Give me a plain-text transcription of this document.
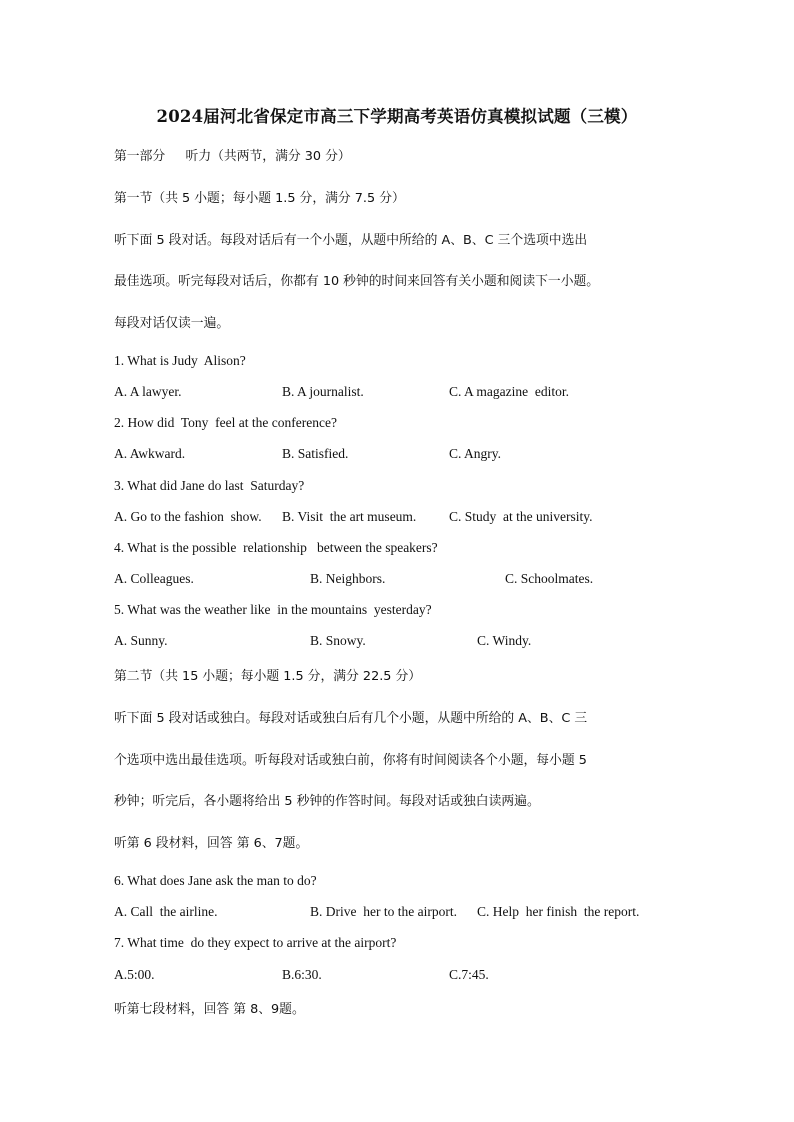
2024届河北省保定市高三下学期高考英语仿真模拟试题（三模）
第一部分     听力（共两节，满分 30 分）
第一节（共 5 小题；每小题 1.5 分，满分 7.5 分）
听下面 5 段对话。每段对话后有一个小题，从题中所给的 A、B、C 三个选项中选出
最佳选项。听完每段对话后，你都有 10 秒钟的时间来回答有关小题和阅读下一小题。
每段对话仅读一遍。
1. What is Judy  Alison?
A. A lawyer.	B. A journalist.	C. A magazine  editor.
2. How did  Tony  feel at the conference?
A. Awkward.	B. Satisfied.	C. Angry.
3. What did Jane do last  Saturday?
A. Go to the fashion  show. B. Visit  the art museum. C. Study  at the university.
4. What is the possible  relationship   between the speakers?
A. Colleagues.	B. Neighbors.	C. Schoolmates.
5. What was the weather like  in the mountains  yesterday?
A. Sunny.	B. Snowy.	C. Windy.
第二节（共 15 小题；每小题 1.5 分，满分 22.5 分）
听下面 5 段对话或独白。每段对话或独白后有几个小题，从题中所给的 A、B、C 三
个选项中选出最佳选项。听每段对话或独白前，你将有时间阅读各个小题，每小题 5
秒钟；听完后，各小题将给出 5 秒钟的作答时间。每段对话或独白读两遍。
听第 6 段材料，回答 第 6、7题。
6. What does Jane ask the man to do?
A. Call  the airline.	B. Drive  her to the airport. C. Help  her finish  the report.
7. What time  do they expect to arrive at the airport?
A.5:00.	B.6:30.	C.7:45.
听第七段材料，回答 第 8、9题。
